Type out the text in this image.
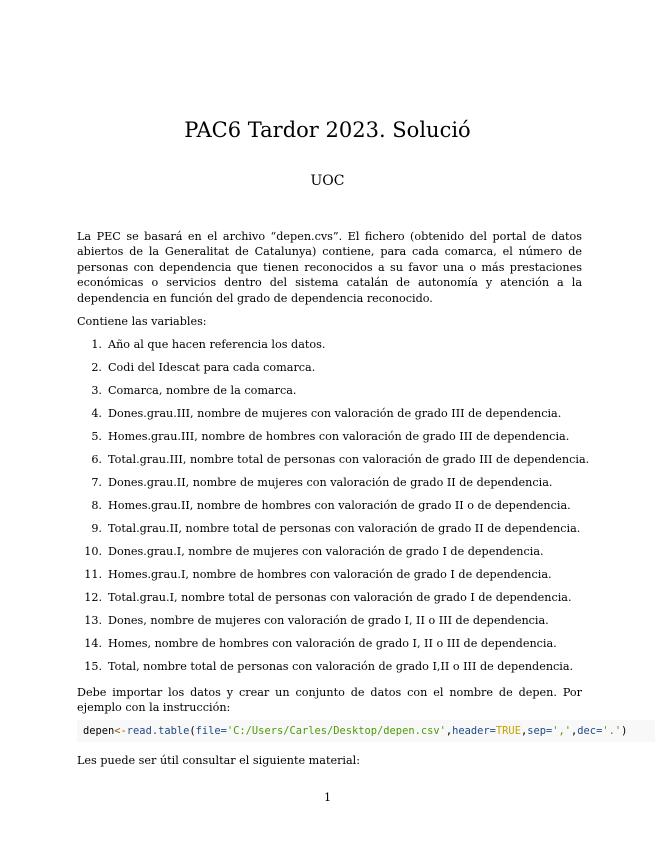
PAC6 Tardor 2023. Solució
UOC
La PEC se basará en el archivo “depen.cvs”. El fichero (obtenido del portal de datos abiertos de la Generalitat de Catalunya) contiene, para cada comarca, el número de personas con dependencia que tienen reconocidos a su favor una o más prestaciones económicas o servicios dentro del sistema catalán de autonomía y atención a la dependencia en función del grado de dependencia reconocido.
Contiene las variables:
1. Año al que hacen referencia los datos.
2. Codi del Idescat para cada comarca.
3. Comarca, nombre de la comarca.
4. Dones.grau.III, nombre de mujeres con valoración de grado III de dependencia.
5. Homes.grau.III, nombre de hombres con valoración de grado III de dependencia.
6. Total.grau.III, nombre total de personas con valoración de grado III de dependencia.
7. Dones.grau.II, nombre de mujeres con valoración de grado II de dependencia.
8. Homes.grau.II, nombre de hombres con valoración de grado II o de dependencia.
9. Total.grau.II, nombre total de personas con valoración de grado II de dependencia.
10. Dones.grau.I, nombre de mujeres con valoración de grado I de dependencia.
11. Homes.grau.I, nombre de hombres con valoración de grado I de dependencia.
12. Total.grau.I, nombre total de personas con valoración de grado I de dependencia.
13. Dones, nombre de mujeres con valoración de grado I, II o III de dependencia.
14. Homes, nombre de hombres con valoración de grado I, II o III de dependencia.
15. Total, nombre total de personas con valoración de grado I,II o III de dependencia.
Debe importar los datos y crear un conjunto de datos con el nombre de depen. Por ejemplo con la instrucción:
depen<-read.table(file='C:/Users/Carles/Desktop/depen.csv',header=TRUE,sep=',',dec='.')
Les puede ser útil consultar el siguiente material:
1
